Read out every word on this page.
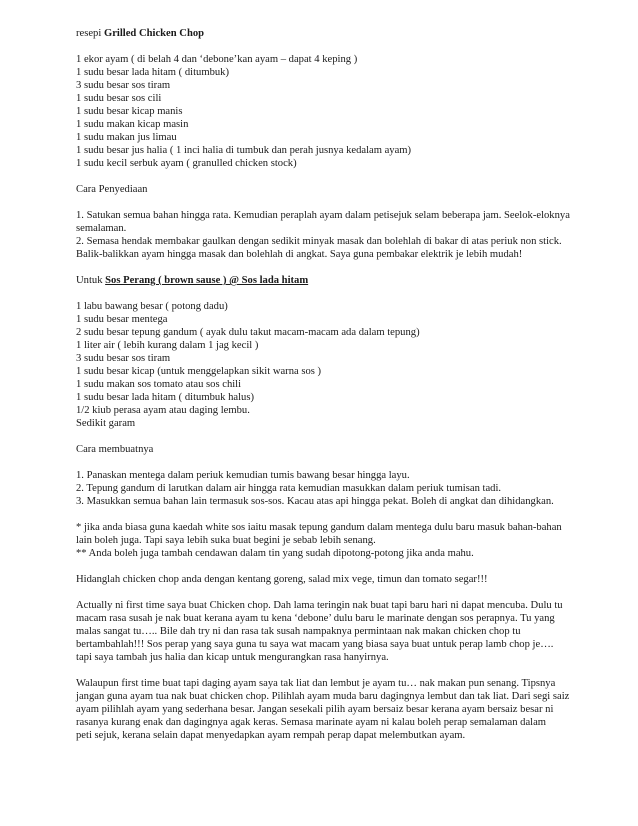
resepi Grilled Chicken Chop
1 ekor ayam ( di belah 4 dan ‘debone’kan ayam – dapat 4 keping )
1 sudu besar lada hitam ( ditumbuk)
3 sudu besar sos tiram
1 sudu besar sos cili
1 sudu besar kicap manis
1 sudu makan kicap masin
1 sudu makan jus limau
1 sudu besar jus halia ( 1 inci halia di tumbuk dan perah jusnya kedalam ayam)
1 sudu kecil serbuk ayam ( granulled chicken stock)
Cara Penyediaan
1. Satukan semua bahan hingga rata. Kemudian peraplah ayam dalam petisejuk selam beberapa jam. Seelok-eloknya
semalaman.
2. Semasa hendak membakar gaulkan dengan sedikit minyak masak dan bolehlah di bakar di atas periuk non stick.
Balik-balikkan ayam hingga masak dan bolehlah di angkat. Saya guna pembakar elektrik je lebih mudah!
Untuk Sos Perang ( brown sause ) @ Sos lada hitam
1 labu bawang besar ( potong dadu)
1 sudu besar mentega
2 sudu besar tepung gandum ( ayak dulu takut macam-macam ada dalam tepung)
1 liter air ( lebih kurang dalam 1 jag kecil )
3 sudu besar sos tiram
1 sudu besar kicap (untuk menggelapkan sikit warna sos )
1 sudu makan sos tomato atau sos chili
1 sudu besar lada hitam ( ditumbuk halus)
1/2 kiub perasa ayam atau daging lembu.
Sedikit garam
Cara membuatnya
1. Panaskan mentega dalam periuk kemudian tumis bawang besar hingga layu.
2. Tepung gandum di larutkan dalam air hingga rata kemudian masukkan dalam periuk tumisan tadi.
3. Masukkan semua bahan lain termasuk sos-sos. Kacau atas api hingga pekat. Boleh di angkat dan dihidangkan.
* jika anda biasa guna kaedah white sos iaitu masak tepung gandum dalam mentega dulu baru masuk bahan-bahan
lain boleh juga. Tapi saya lebih suka buat begini je sebab lebih senang.
** Anda boleh juga tambah cendawan dalam tin yang sudah dipotong-potong jika anda mahu.
Hidanglah chicken chop anda dengan kentang goreng, salad mix vege, timun dan tomato segar!!!
Actually ni first time saya buat Chicken chop. Dah lama teringin nak buat tapi baru hari ni dapat mencuba. Dulu tu
macam rasa susah je nak buat kerana ayam tu kena ‘debone’ dulu baru le marinate dengan sos perapnya. Tu yang
malas sangat tu….. Bile dah try ni dan rasa tak susah nampaknya permintaan nak makan chicken chop tu
bertambahlah!!! Sos perap yang saya guna tu saya wat macam yang biasa saya buat untuk perap lamb chop je….
tapi saya tambah jus halia dan kicap untuk mengurangkan rasa hanyirnya.
Walaupun first time buat tapi daging ayam saya tak liat dan lembut je ayam tu… nak makan pun senang. Tipsnya
jangan guna ayam tua nak buat chicken chop. Pilihlah ayam muda baru dagingnya lembut dan tak liat. Dari segi saiz
ayam pilihlah ayam yang sederhana besar. Jangan sesekali pilih ayam bersaiz besar kerana ayam bersaiz besar ni
rasanya kurang enak dan dagingnya agak keras. Semasa marinate ayam ni kalau boleh perap semalaman dalam
peti sejuk, kerana selain dapat menyedapkan ayam rempah perap dapat melembutkan ayam.
